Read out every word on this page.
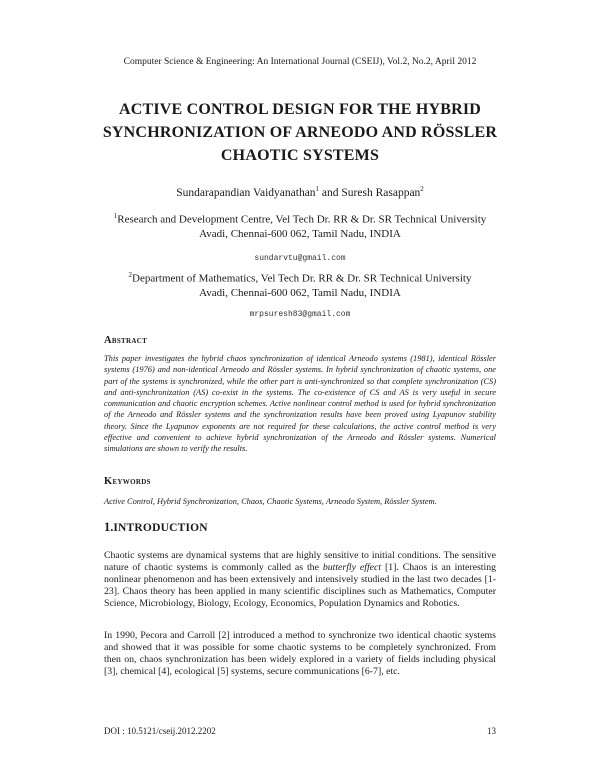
Computer Science & Engineering: An International Journal (CSEIJ), Vol.2, No.2, April 2012
ACTIVE CONTROL DESIGN FOR THE HYBRID
SYNCHRONIZATION OF ARNEODO AND RÖSSLER
CHAOTIC SYSTEMS
Sundarapandian Vaidyanathan$^1$ and Suresh Rasappan$^2$
$^1$Research and Development Centre, Vel Tech Dr. RR & Dr. SR Technical University
Avadi, Chennai-600 062, Tamil Nadu, INDIA
sundarvtu@gmail.com
$^2$Department of Mathematics, Vel Tech Dr. RR & Dr. SR Technical University
Avadi, Chennai-600 062, Tamil Nadu, INDIA
mrpsuresh83@gmail.com
Abstract
This paper investigates the hybrid chaos synchronization of identical Arneodo systems (1981), identical Rössler systems (1976) and non-identical Arneodo and Rössler systems. In hybrid synchronization of chaotic systems, one part of the systems is synchronized, while the other part is anti-synchronized so that complete synchronization (CS) and anti-synchronization (AS) co-exist in the systems. The co-existence of CS and AS is very useful in secure communication and chaotic encryption schemes. Active nonlinear control method is used for hybrid synchronization of the Arneodo and Rössler systems and the synchronization results have been proved using Lyapunov stability theory. Since the Lyapunov exponents are not required for these calculations, the active control method is very effective and convenient to achieve hybrid synchronization of the Arneodo and Rössler systems. Numerical simulations are shown to verify the results.
Keywords
Active Control, Hybrid Synchronization, Chaos, Chaotic Systems, Arneodo System, Rössler System.
1.INTRODUCTION
Chaotic systems are dynamical systems that are highly sensitive to initial conditions. The sensitive nature of chaotic systems is commonly called as the butterfly effect [1]. Chaos is an interesting nonlinear phenomenon and has been extensively and intensively studied in the last two decades [1-23]. Chaos theory has been applied in many scientific disciplines such as Mathematics, Computer Science, Microbiology, Biology, Ecology, Economics, Population Dynamics and Robotics.
In 1990, Pecora and Carroll [2] introduced a method to synchronize two identical chaotic systems and showed that it was possible for some chaotic systems to be completely synchronized. From then on, chaos synchronization has been widely explored in a variety of fields including physical [3], chemical [4], ecological [5] systems, secure communications [6-7], etc.
DOI : 10.5121/cseij.2012.2202	13
